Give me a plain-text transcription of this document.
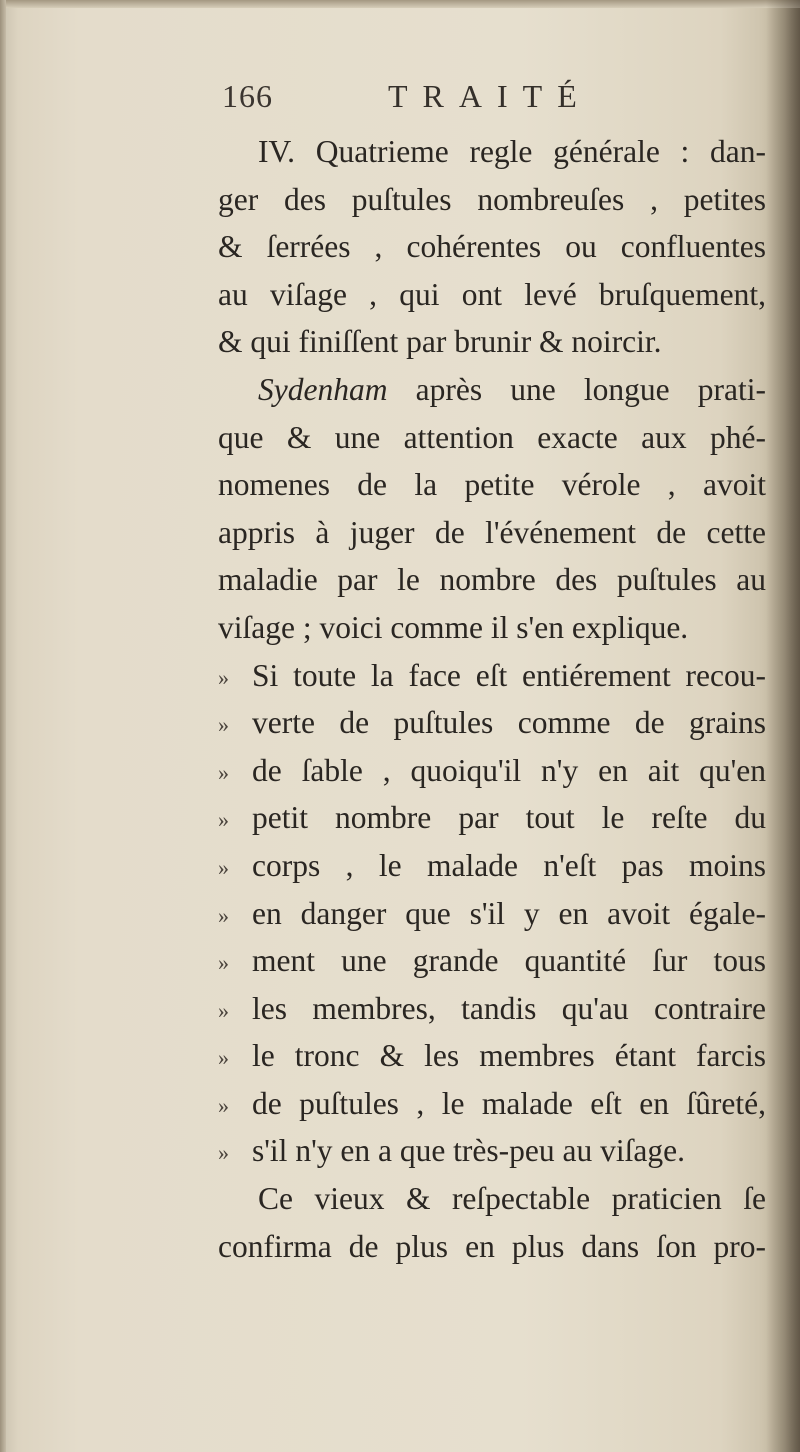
166	TRAITÉ
IV. Quatrieme regle générale : dan-
ger des puſtules nombreuſes , petites
& ſerrées , cohérentes ou confluentes
au viſage , qui ont levé bruſquement,
& qui finiſſent par brunir & noircir.
Sydenham après une longue prati-
que & une attention exacte aux phé-
nomenes de la petite vérole , avoit
appris à juger de l'événement de cette
maladie par le nombre des puſtules au
viſage ; voici comme il s'en explique.
» Si toute la face eſt entiérement recou-
» verte de puſtules comme de grains
» de ſable , quoiqu'il n'y en ait qu'en
» petit nombre par tout le reſte du
» corps , le malade n'eſt pas moins
» en danger que s'il y en avoit égale-
» ment une grande quantité ſur tous
» les membres, tandis qu'au contraire
» le tronc & les membres étant farcis
» de puſtules , le malade eſt en ſûreté,
» s'il n'y en a que très-peu au viſage.
Ce vieux & reſpectable praticien ſe
confirma de plus en plus dans ſon pro-
